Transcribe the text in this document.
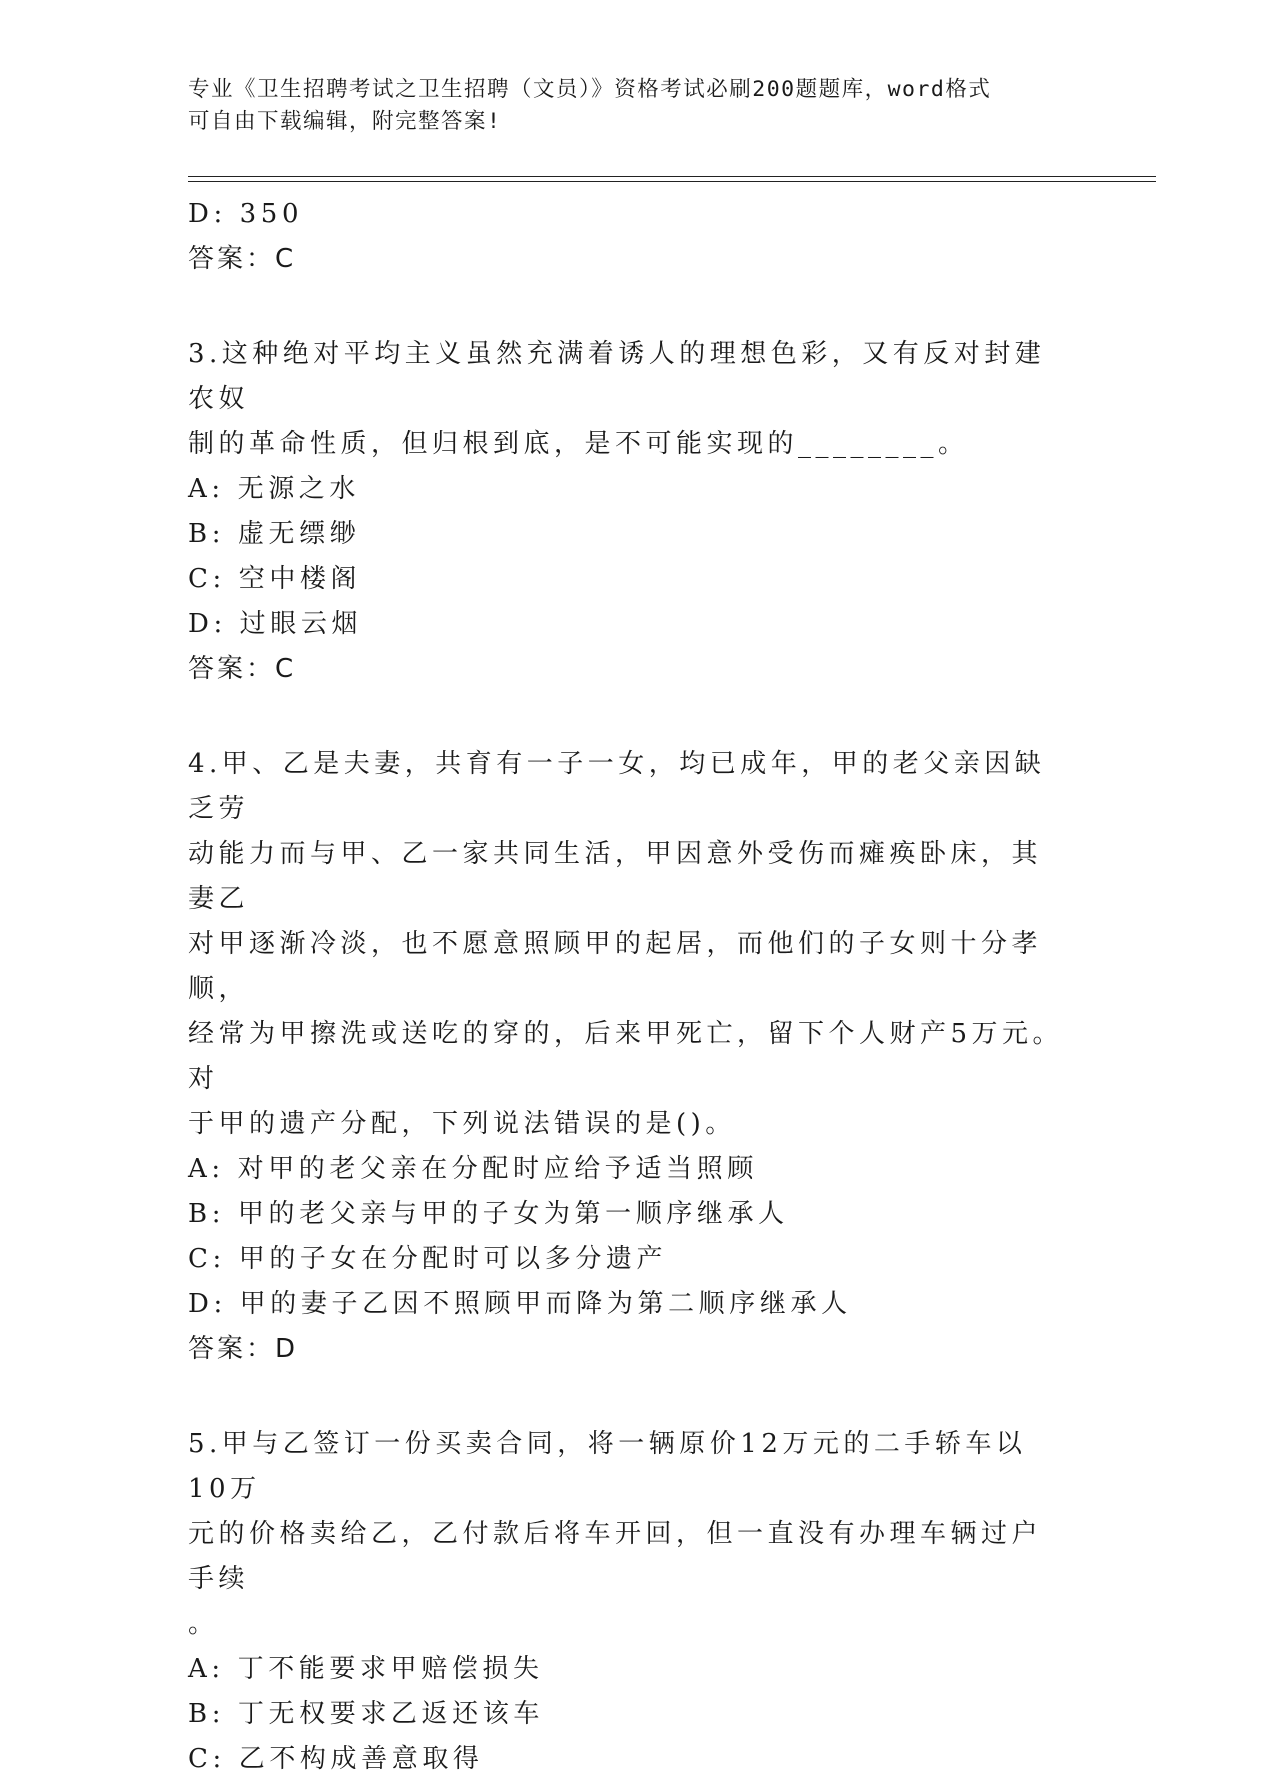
专业《卫生招聘考试之卫生招聘（文员）》资格考试必刷200题题库，word格式
可自由下载编辑，附完整答案!
D: 350
答案：C
3.这种绝对平均主义虽然充满着诱人的理想色彩，又有反对封建农奴
制的革命性质，但归根到底，是不可能实现的________。
A: 无源之水
B: 虚无缥缈
C: 空中楼阁
D: 过眼云烟
答案：C
4.甲、乙是夫妻，共育有一子一女，均已成年，甲的老父亲因缺乏劳
动能力而与甲、乙一家共同生活，甲因意外受伤而瘫痪卧床，其妻乙
对甲逐渐冷淡，也不愿意照顾甲的起居，而他们的子女则十分孝顺，
经常为甲擦洗或送吃的穿的，后来甲死亡，留下个人财产5万元。对
于甲的遗产分配，下列说法错误的是()。
A: 对甲的老父亲在分配时应给予适当照顾
B: 甲的老父亲与甲的子女为第一顺序继承人
C: 甲的子女在分配时可以多分遗产
D: 甲的妻子乙因不照顾甲而降为第二顺序继承人
答案：D
5.甲与乙签订一份买卖合同，将一辆原价12万元的二手轿车以10万
元的价格卖给乙，乙付款后将车开回，但一直没有办理车辆过户手续
。
A: 丁不能要求甲赔偿损失
B: 丁无权要求乙返还该车
C: 乙不构成善意取得
